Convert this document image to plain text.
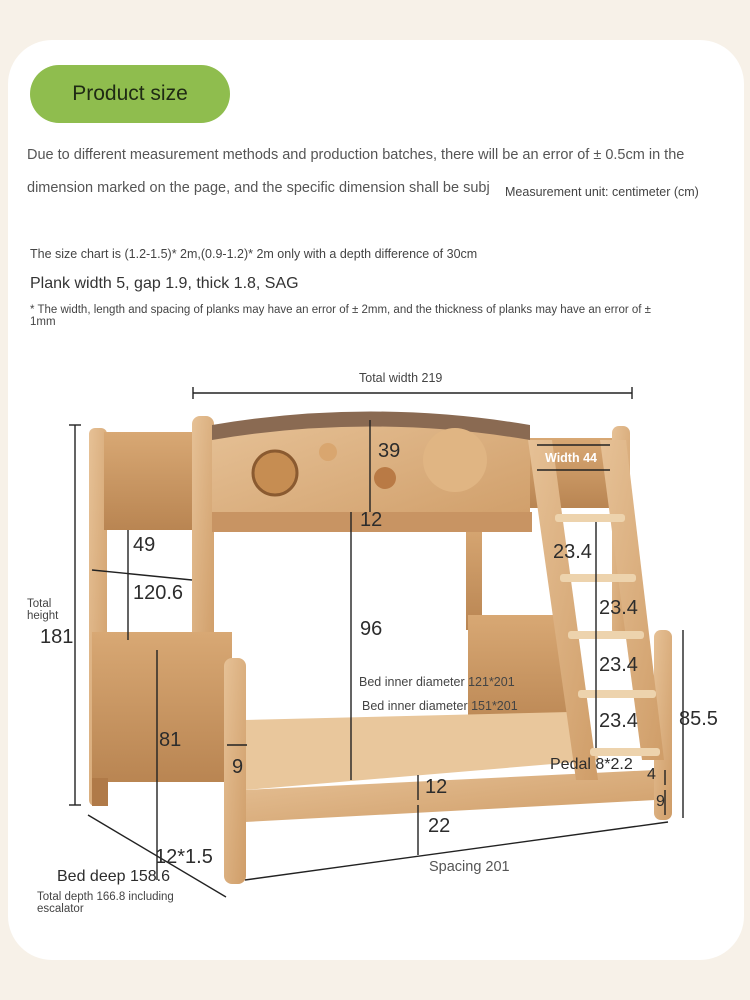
Product size
Due to different measurement methods and production batches, there will be an error of ± 0.5cm in the
dimension marked on the page, and the specific dimension shall be subj Measurement unit: centimeter (cm)
The size chart is (1.2-1.5)* 2m,(0.9-1.2)* 2m only with a depth difference of 30cm
Plank width 5, gap 1.9, thick 1.8, SAG
* The width, length and spacing of planks may have an error of ± 2mm, and the thickness of planks may have an error of ±
1mm
Total width 219
Total
height
181
39	Width 44
12
49
120.6
96
23.4
23.4
23.4
23.4 85.5
Bed inner diameter 121*201
Bed inner diameter 151*201
81
9	Pedal 8*2.2
4
9
12
22
12*1.5
Bed deep 158.6
Total depth 166.8 including
escalator
Spacing 201
